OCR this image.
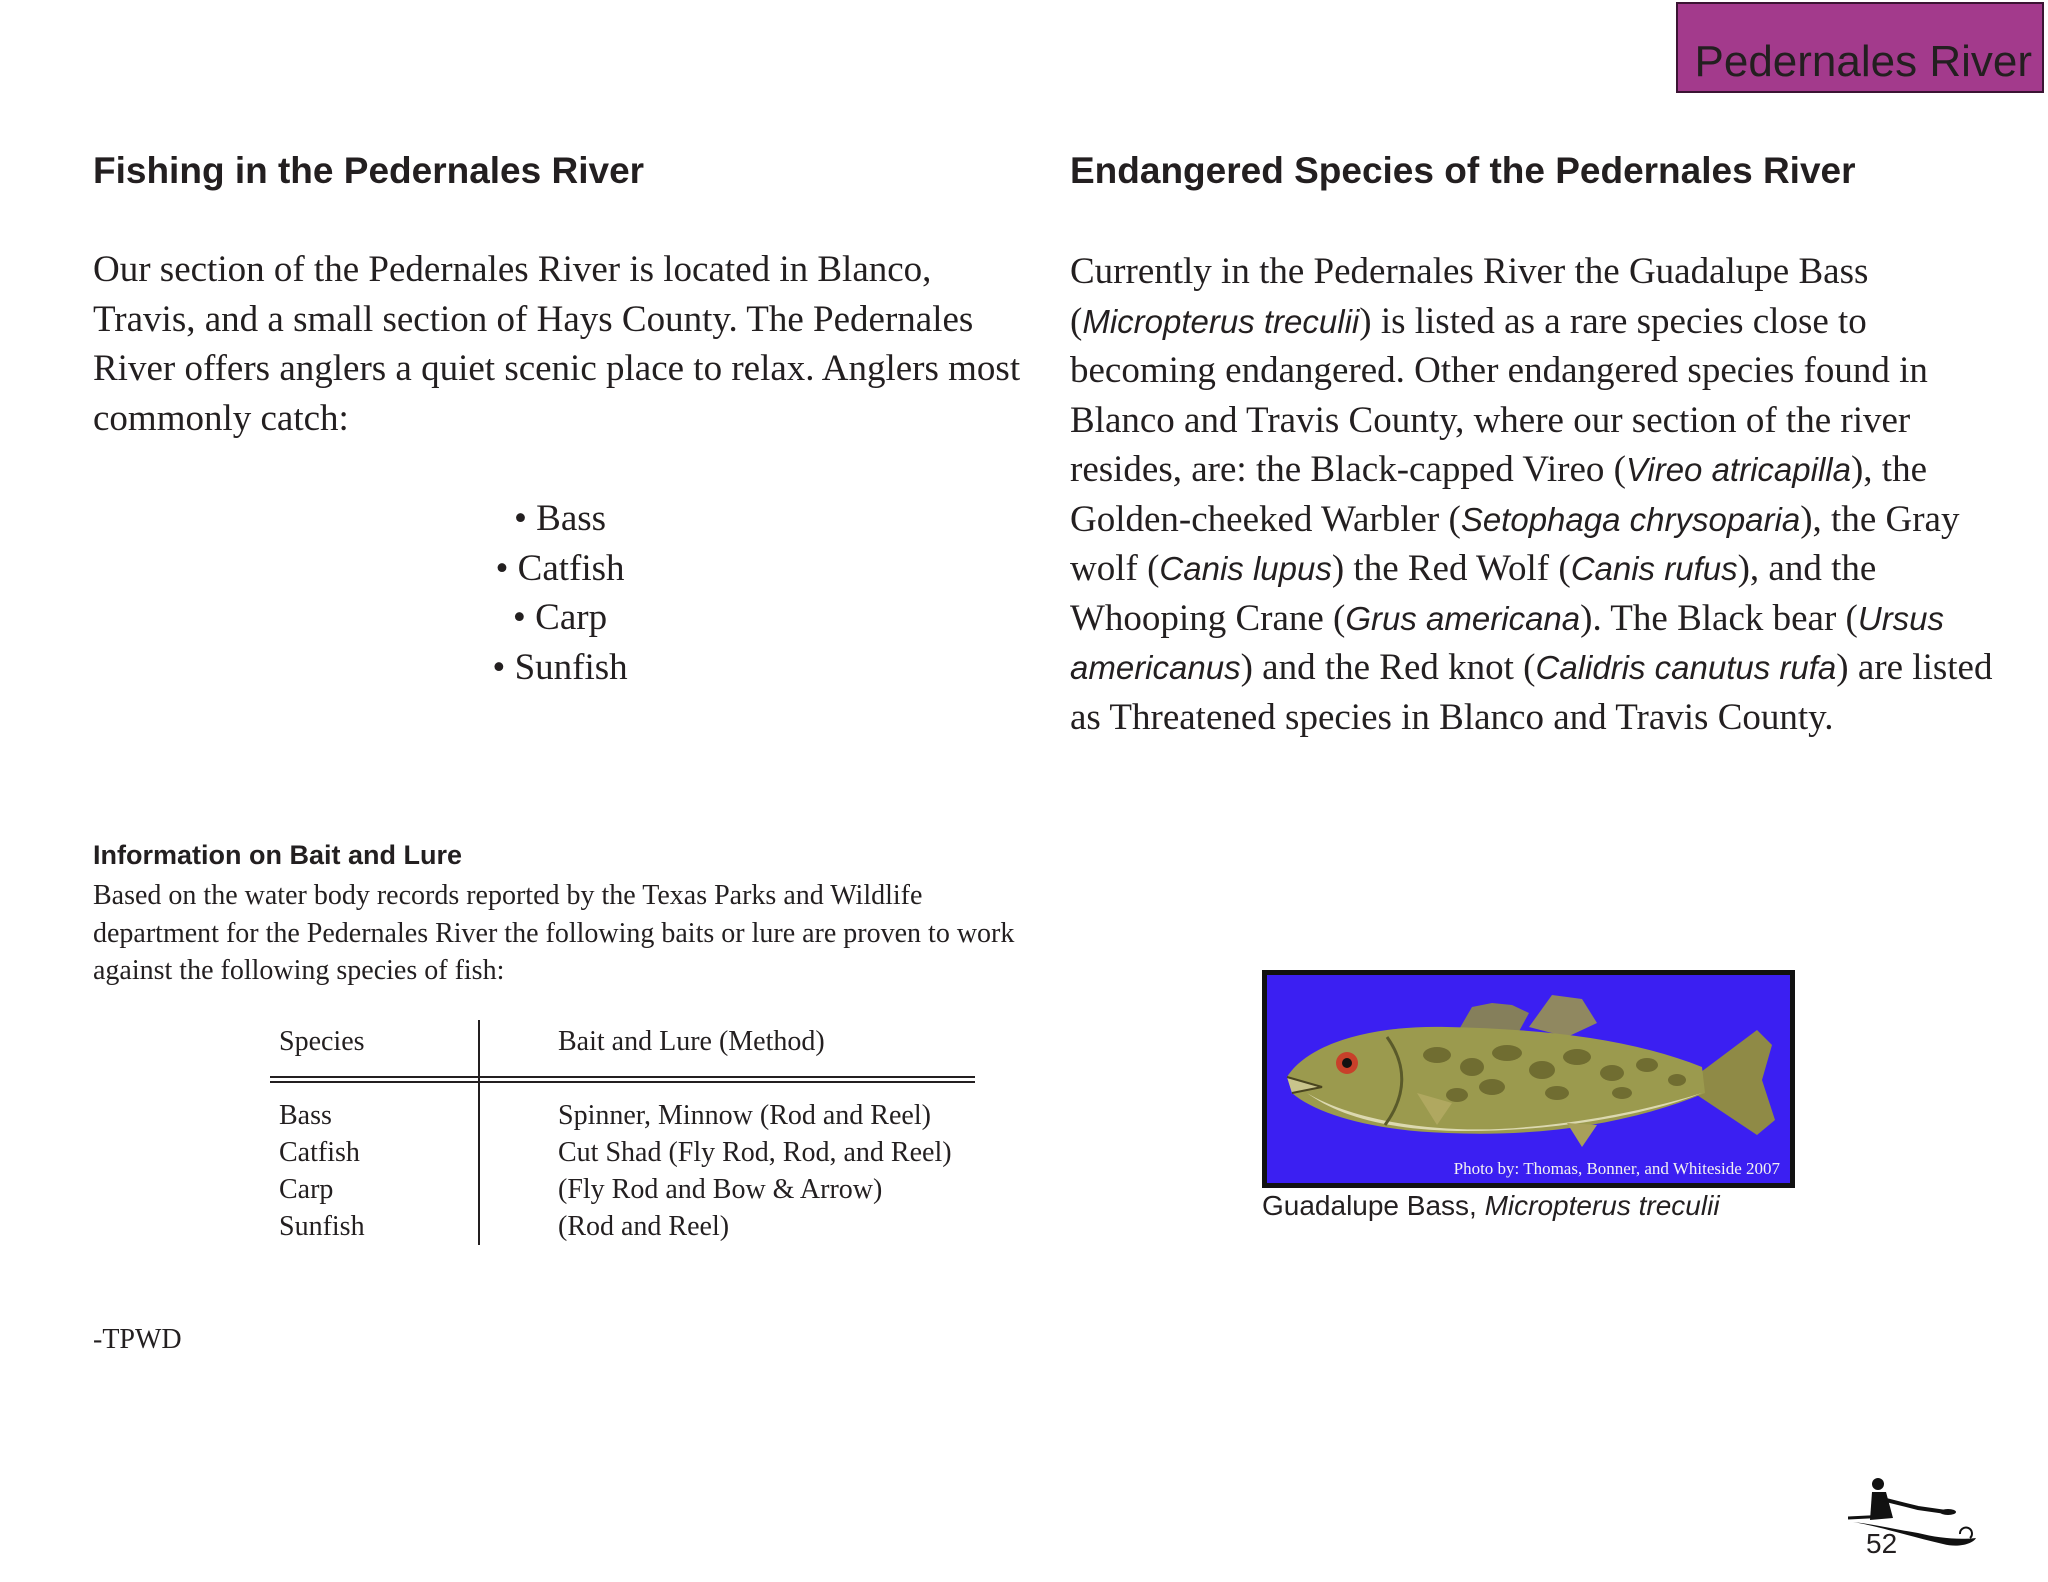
Pedernales River
Fishing in the Pedernales River
Our section of the Pedernales River is located in Blanco, Travis, and a small section of Hays County. The Pedernales River offers anglers a quiet scenic place to relax. Anglers most commonly catch:
• Bass
• Catfish
• Carp
• Sunfish
Information on Bait and Lure
Based on the water body records reported by the Texas Parks and Wildlife department for the Pedernales River the following baits or lure are proven to work against the following species of fish:
Species	Bait and Lure (Method)
Bass	Spinner, Minnow (Rod and Reel)
Catfish	Cut Shad (Fly Rod, Rod, and Reel)
Carp	(Fly Rod and Bow & Arrow)
Sunfish	(Rod and Reel)
-TPWD
Endangered Species of the Pedernales River
Currently in the Pedernales River the Guadalupe Bass (Micropterus treculii) is listed as a rare species close to becoming endangered. Other endangered species found in Blanco and Travis County, where our section of the river resides, are: the Black-capped Vireo (Vireo atricapilla), the Golden-cheeked Warbler (Setophaga chrysoparia), the Gray wolf (Canis lupus) the Red Wolf (Canis rufus), and the Whooping Crane (Grus americana). The Black bear (Ursus americanus) and the Red knot (Calidris canutus rufa) are listed as Threatened species in Blanco and Travis County.
Photo by: Thomas, Bonner, and Whiteside 2007
Guadalupe Bass, Micropterus treculii
52
